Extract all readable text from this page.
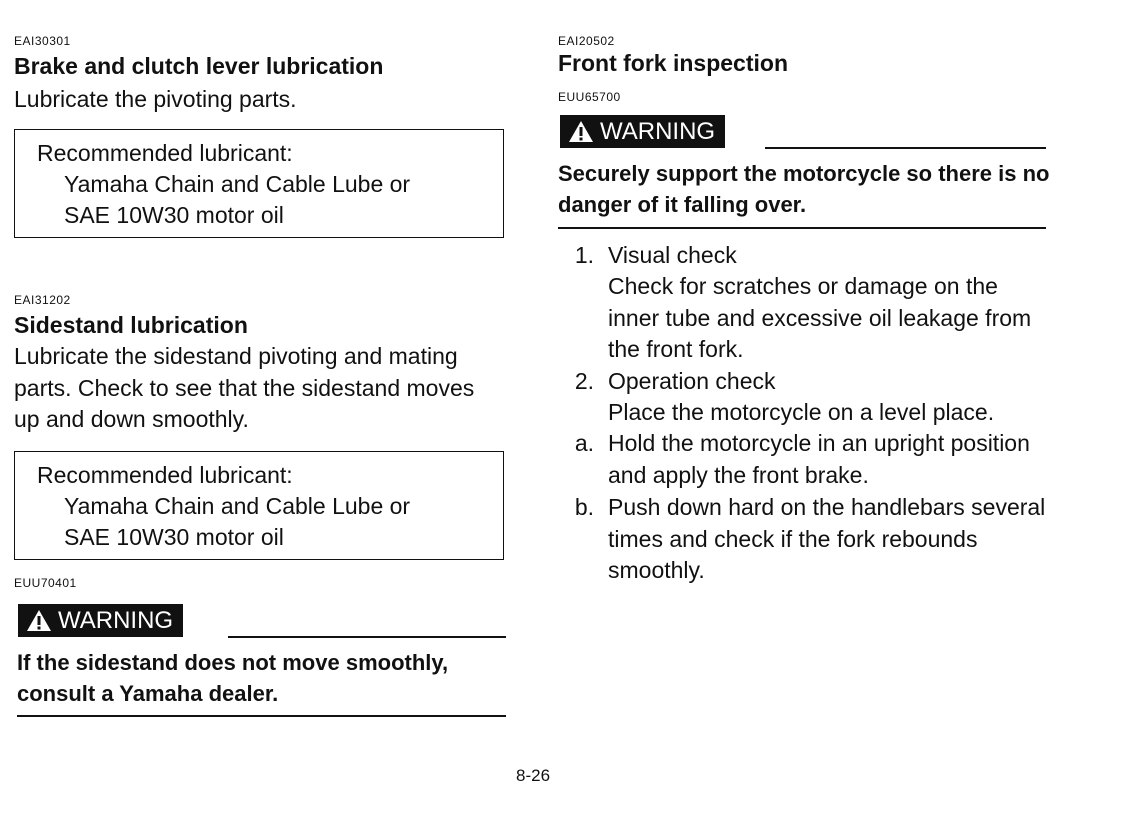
EAI30301
Brake and clutch lever lubrication
Lubricate the pivoting parts.
Recommended lubricant:
Yamaha Chain and Cable Lube or
SAE 10W30 motor oil
EAI31202
Sidestand lubrication

Lubricate the sidestand pivoting and mating parts. Check to see that the sidestand moves up and down smoothly.

Recommended lubricant:
Yamaha Chain and Cable Lube or
SAE 10W30 motor oil
EUU70401
WARNING
If the sidestand does not move smoothly, consult a Yamaha dealer.
EAI20502
Front fork inspection
EUU65700
WARNING
Securely support the motorcycle so there is no danger of it falling over.
1. Visual check
Check for scratches or damage on the inner tube and excessive oil leakage from the front fork.
2. Operation check
Place the motorcycle on a level place.
a. Hold the motorcycle in an upright position and apply the front brake.
b. Push down hard on the handlebars several times and check if the fork rebounds smoothly.
8-26
